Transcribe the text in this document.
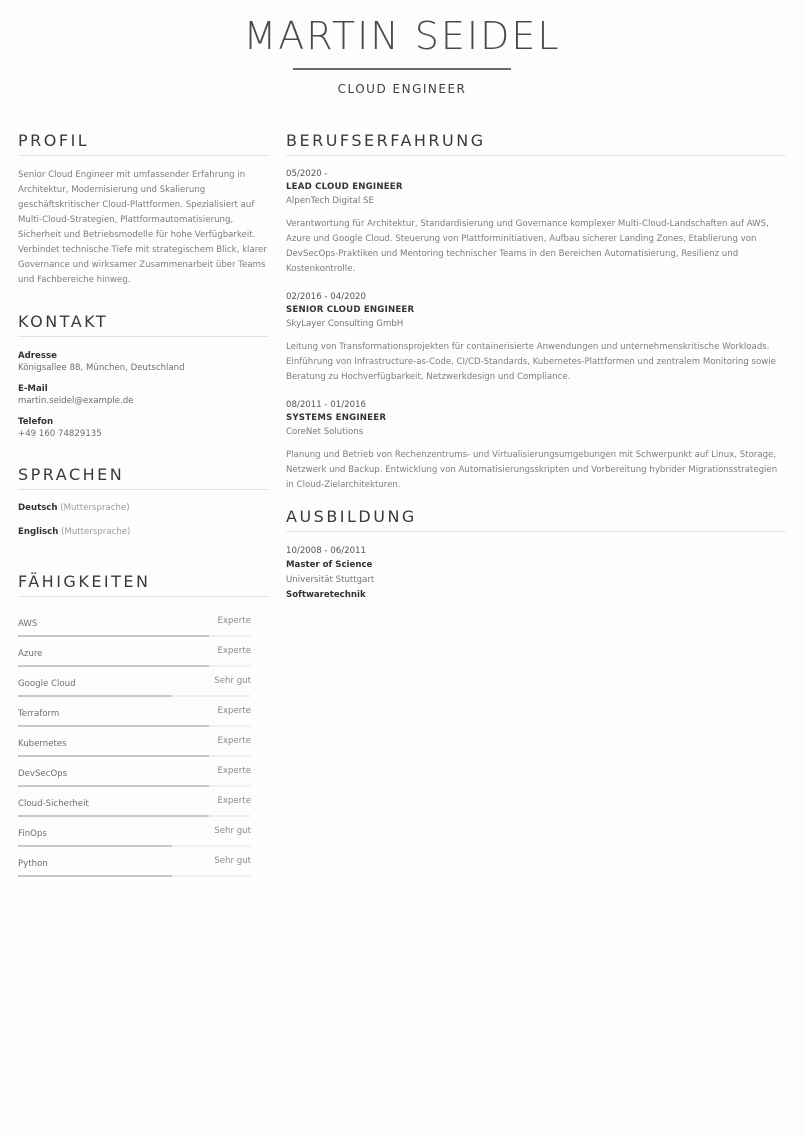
MARTIN SEIDEL
CLOUD ENGINEER
PROFIL
Senior Cloud Engineer mit umfassender Erfahrung in Architektur, Modernisierung und Skalierung geschäftskritischer Cloud-Plattformen. Spezialisiert auf Multi-Cloud-Strategien, Plattformautomatisierung, Sicherheit und Betriebsmodelle für hohe Verfügbarkeit. Verbindet technische Tiefe mit strategischem Blick, klarer Governance und wirksamer Zusammenarbeit über Teams und Fachbereiche hinweg.
KONTAKT
Adresse
Königsallee 88, München, Deutschland
E-Mail
martin.seidel@example.de
Telefon
+49 160 74829135
SPRACHEN
Deutsch (Muttersprache)
Englisch (Muttersprache)
FÄHIGKEITEN
AWS	Experte
Azure	Experte
Google Cloud	Sehr gut
Terraform	Experte
Kubernetes	Experte
DevSecOps	Experte
Cloud-Sicherheit	Experte
FinOps	Sehr gut
Python	Sehr gut
BERUFSERFAHRUNG
05/2020 -
LEAD CLOUD ENGINEER
AlpenTech Digital SE
Verantwortung für Architektur, Standardisierung und Governance komplexer Multi-Cloud-Landschaften auf AWS, Azure und Google Cloud. Steuerung von Plattforminitiativen, Aufbau sicherer Landing Zones, Etablierung von DevSecOps-Praktiken und Mentoring technischer Teams in den Bereichen Automatisierung, Resilienz und Kostenkontrolle.
02/2016 - 04/2020
SENIOR CLOUD ENGINEER
SkyLayer Consulting GmbH
Leitung von Transformationsprojekten für containerisierte Anwendungen und unternehmenskritische Workloads. Einführung von Infrastructure-as-Code, CI/CD-Standards, Kubernetes-Plattformen und zentralem Monitoring sowie Beratung zu Hochverfügbarkeit, Netzwerkdesign und Compliance.
08/2011 - 01/2016
SYSTEMS ENGINEER
CoreNet Solutions
Planung und Betrieb von Rechenzentrums- und Virtualisierungsumgebungen mit Schwerpunkt auf Linux, Storage, Netzwerk und Backup. Entwicklung von Automatisierungsskripten und Vorbereitung hybrider Migrationsstrategien in Cloud-Zielarchitekturen.
AUSBILDUNG
10/2008 - 06/2011
Master of Science
Universität Stuttgart
Softwaretechnik
